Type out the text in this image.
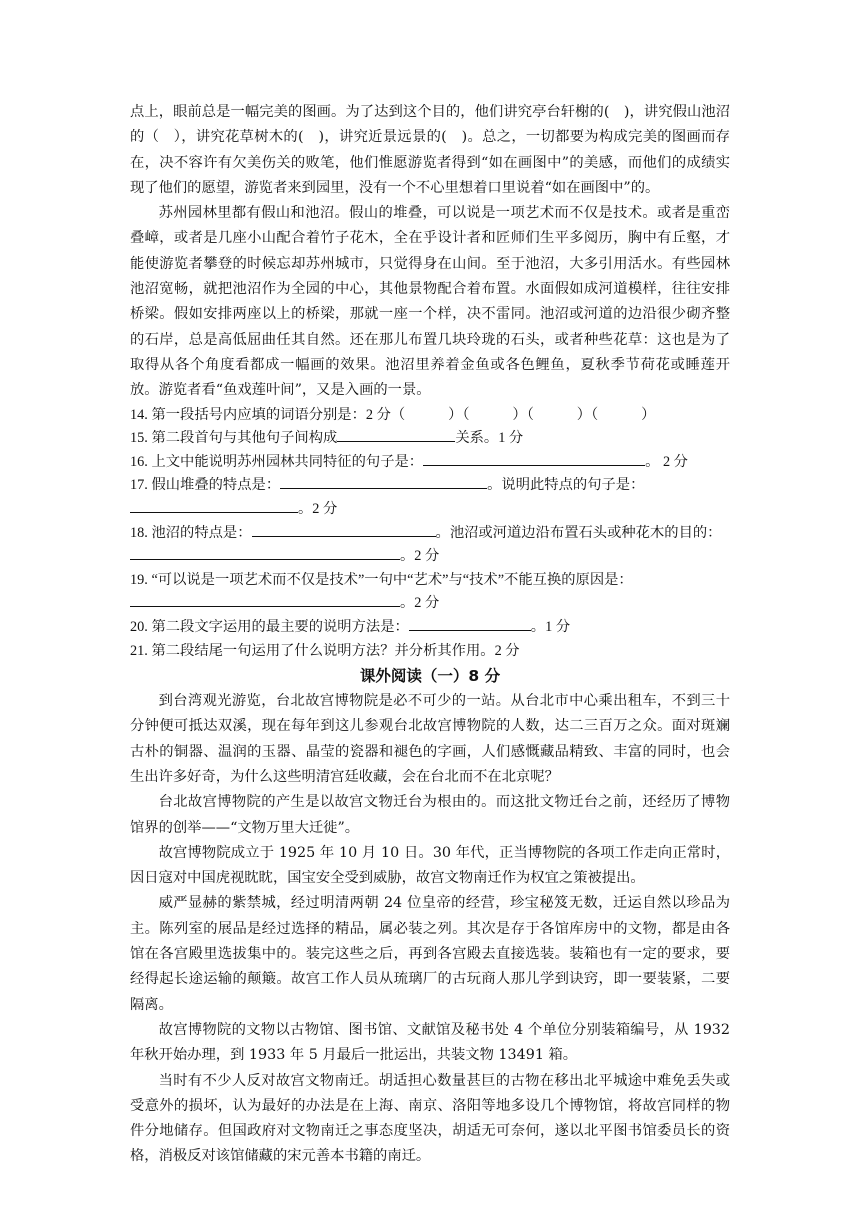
点上，眼前总是一幅完美的图画。为了达到这个目的，他们讲究亭台轩榭的(　)，讲究假山池沼的（　），讲究花草树木的(　)，讲究近景远景的(　)。总之，一切都要为构成完美的图画而存在，决不容许有欠美伤关的败笔，他们惟愿游览者得到“如在画图中”的美感，而他们的成绩实现了他们的愿望，游览者来到园里，没有一个不心里想着口里说着“如在画图中”的。

苏州园林里都有假山和池沼。假山的堆叠，可以说是一项艺术而不仅是技术。或者是重峦叠嶂，或者是几座小山配合着竹子花木，全在乎设计者和匠师们生平多阅历，胸中有丘壑，才能使游览者攀登的时候忘却苏州城市，只觉得身在山间。至于池沼，大多引用活水。有些园林池沼宽畅，就把池沼作为全园的中心，其他景物配合着布置。水面假如成河道模样，往往安排桥梁。假如安排两座以上的桥梁，那就一座一个样，决不雷同。池沼或河道的边沿很少砌齐整的石岸，总是高低屈曲任其自然。还在那儿布置几块玲珑的石头，或者种些花草：这也是为了取得从各个角度看都成一幅画的效果。池沼里养着金鱼或各色鲤鱼，夏秋季节荷花或睡莲开放。游览者看“鱼戏莲叶间”，又是入画的一景。

14. 第一段括号内应填的词语分别是：2 分（　　　）（　　　）（　　　）（　　　）
15. 第二段首句与其他句子间构成	关系。1 分
16. 上文中能说明苏州园林共同特征的句子是：	。 2 分
17. 假山堆叠的特点是：	。说明此特点的句子是：
。2 分
18. 池沼的特点是：	。池沼或河道边沿布置石头或种花木的目的：
。2 分
19. “可以说是一项艺术而不仅是技术”一句中“艺术”与“技术”不能互换的原因是：
。2 分
20. 第二段文字运用的最主要的说明方法是：	。1 分
21. 第二段结尾一句运用了什么说明方法？并分析其作用。2 分
课外阅读（一）8 分

到台湾观光游览，台北故宫博物院是必不可少的一站。从台北市中心乘出租车，不到三十分钟便可抵达双溪，现在每年到这儿参观台北故宫博物院的人数，达二三百万之众。面对斑斓古朴的铜器、温润的玉器、晶莹的瓷器和褪色的字画，人们感慨藏品精致、丰富的同时，也会生出许多好奇，为什么这些明清宫廷收藏，会在台北而不在北京呢？

台北故宫博物院的产生是以故宫文物迁台为根由的。而这批文物迁台之前，还经历了博物馆界的创举——“文物万里大迁徙”。

故宫博物院成立于 1925 年 10 月 10 日。30 年代，正当博物院的各项工作走向正常时，因日寇对中国虎视眈眈，国宝安全受到威胁，故宫文物南迁作为权宜之策被提出。

威严显赫的紫禁城，经过明清两朝 24 位皇帝的经营，珍宝秘笈无数，迁运自然以珍品为主。陈列室的展品是经过选择的精品，属必装之列。其次是存于各馆库房中的文物，都是由各馆在各宫殿里选拔集中的。装完这些之后，再到各宫殿去直接选装。装箱也有一定的要求，要经得起长途运输的颠簸。故宫工作人员从琉璃厂的古玩商人那儿学到诀窍，即一要装紧，二要隔离。

故宫博物院的文物以古物馆、图书馆、文献馆及秘书处 4 个单位分别装箱编号，从 1932 年秋开始办理，到 1933 年 5 月最后一批运出，共装文物 13491 箱。

当时有不少人反对故宫文物南迁。胡适担心数量甚巨的古物在移出北平城途中难免丢失或受意外的损坏，认为最好的办法是在上海、南京、洛阳等地多设几个博物馆，将故宫同样的物件分地储存。但国政府对文物南迁之事态度坚决，胡适无可奈何，遂以北平图书馆委员长的资格，消极反对该馆储藏的宋元善本书籍的南迁。
